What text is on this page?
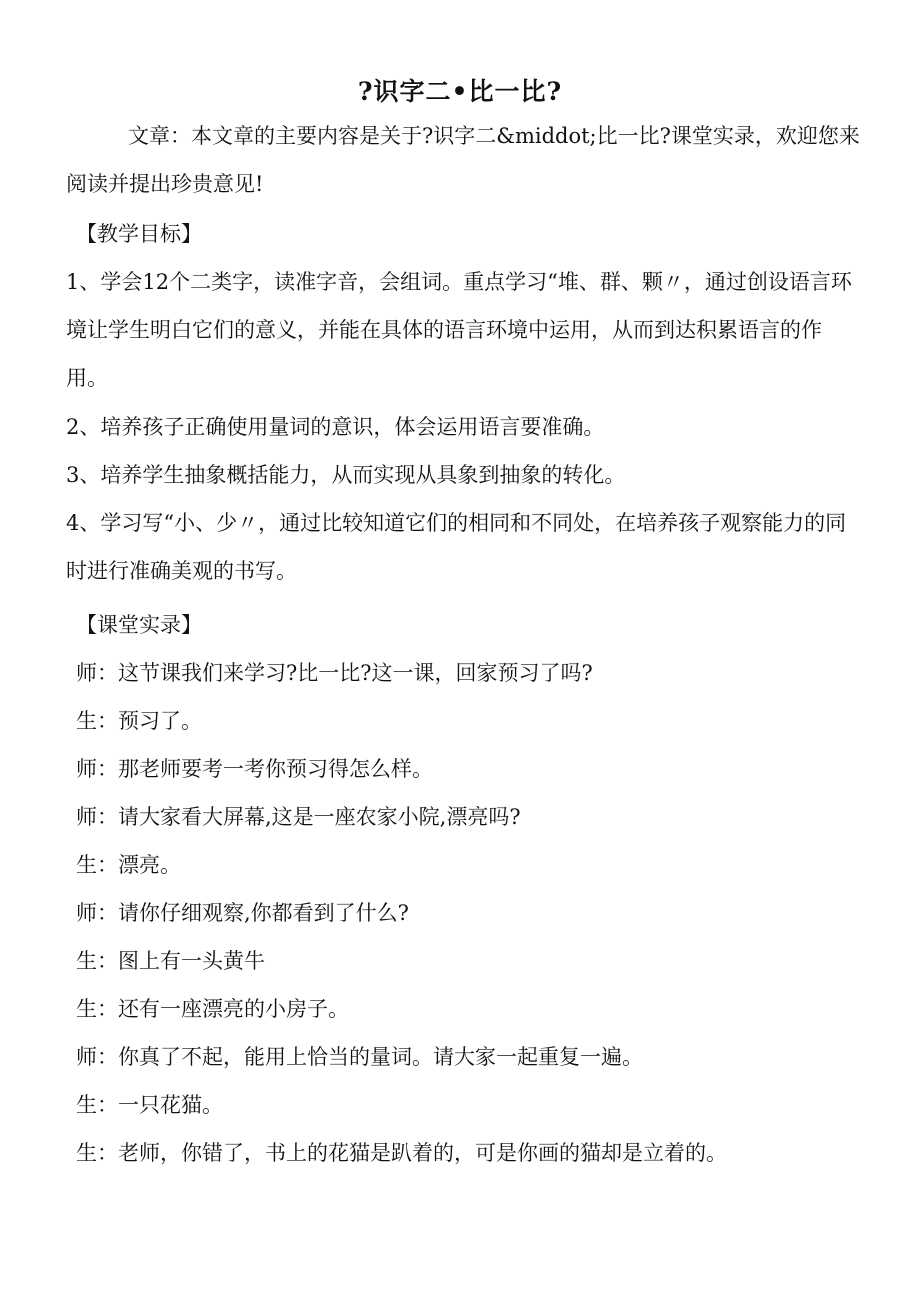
?识字二•比一比?

文章：本文章的主要内容是关于?识字二&middot;比一比?课堂实录，欢迎您来阅读并提出珍贵意见!

【教学目标】

1、学会12个二类字，读准字音，会组词。重点学习“堆、群、颗〃，通过创设语言环境让学生明白它们的意义，并能在具体的语言环境中运用，从而到达积累语言的作用。

2、培养孩子正确使用量词的意识，体会运用语言要准确。

3、培养学生抽象概括能力，从而实现从具象到抽象的转化。

4、学习写“小、少〃，通过比较知道它们的相同和不同处，在培养孩子观察能力的同时进行准确美观的书写。

【课堂实录】

师：这节课我们来学习?比一比?这一课，回家预习了吗?
生：预习了。
师：那老师要考一考你预习得怎么样。
师：请大家看大屏幕,这是一座农家小院,漂亮吗?
生：漂亮。
师：请你仔细观察,你都看到了什么?
生：图上有一头黄牛
生：还有一座漂亮的小房子。
师：你真了不起，能用上恰当的量词。请大家一起重复一遍。
生：一只花猫。
生：老师，你错了，书上的花猫是趴着的，可是你画的猫却是立着的。
